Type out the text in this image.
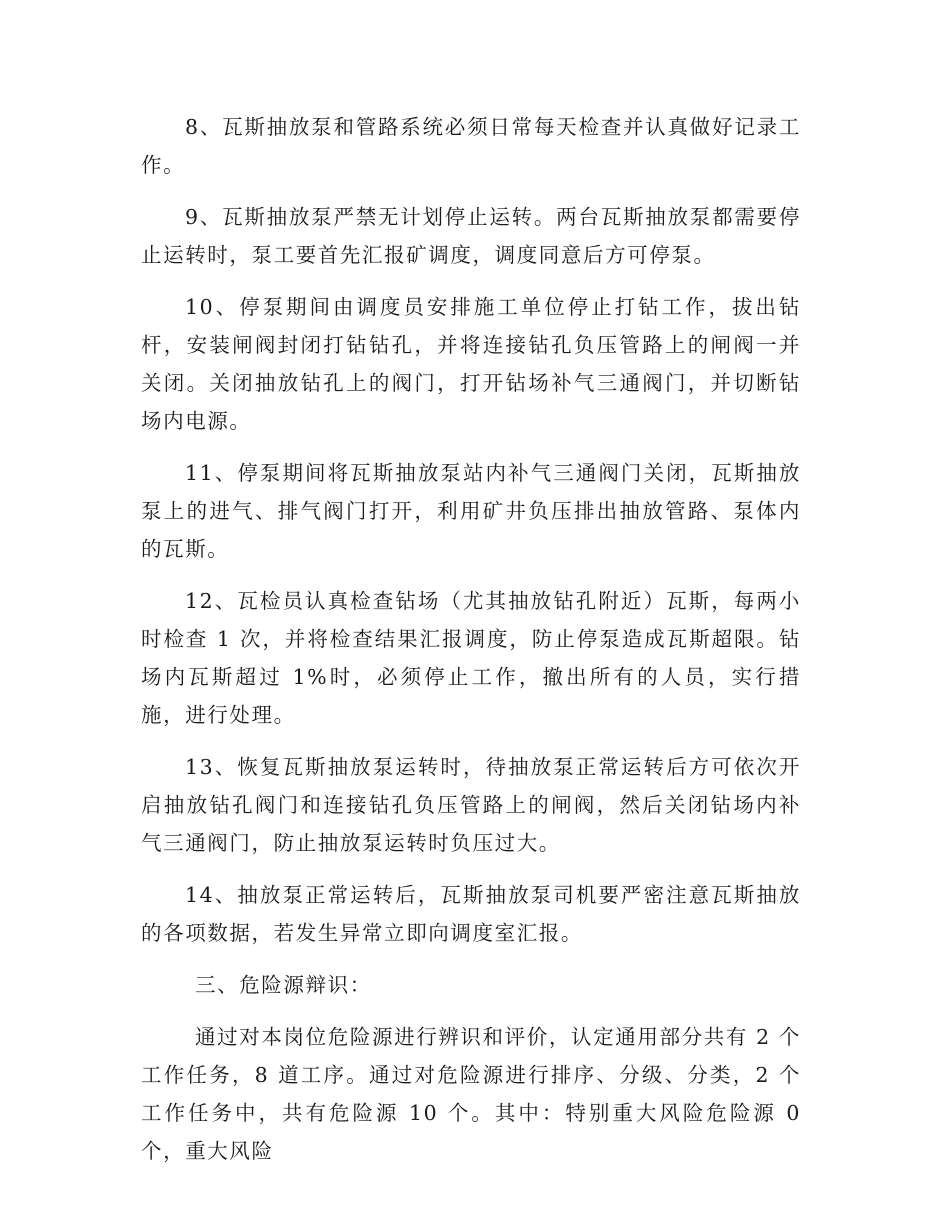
8、瓦斯抽放泵和管路系统必须日常每天检查并认真做好记录工作。

9、瓦斯抽放泵严禁无计划停止运转。两台瓦斯抽放泵都需要停止运转时，泵工要首先汇报矿调度，调度同意后方可停泵。

10、停泵期间由调度员安排施工单位停止打钻工作，拔出钻杆，安装闸阀封闭打钻钻孔，并将连接钻孔负压管路上的闸阀一并关闭。关闭抽放钻孔上的阀门，打开钻场补气三通阀门，并切断钻场内电源。

11、停泵期间将瓦斯抽放泵站内补气三通阀门关闭，瓦斯抽放泵上的进气、排气阀门打开，利用矿井负压排出抽放管路、泵体内的瓦斯。

12、瓦检员认真检查钻场（尤其抽放钻孔附近）瓦斯，每两小时检查 1 次，并将检查结果汇报调度，防止停泵造成瓦斯超限。钻场内瓦斯超过 1%时，必须停止工作，撤出所有的人员，实行措施，进行处理。

13、恢复瓦斯抽放泵运转时，待抽放泵正常运转后方可依次开启抽放钻孔阀门和连接钻孔负压管路上的闸阀，然后关闭钻场内补气三通阀门，防止抽放泵运转时负压过大。

14、抽放泵正常运转后，瓦斯抽放泵司机要严密注意瓦斯抽放的各项数据，若发生异常立即向调度室汇报。

三、危险源辩识：

通过对本岗位危险源进行辨识和评价，认定通用部分共有 2 个工作任务，8 道工序。通过对危险源进行排序、分级、分类，2 个工作任务中，共有危险源 10 个。其中：特别重大风险危险源 0 个，重大风险
